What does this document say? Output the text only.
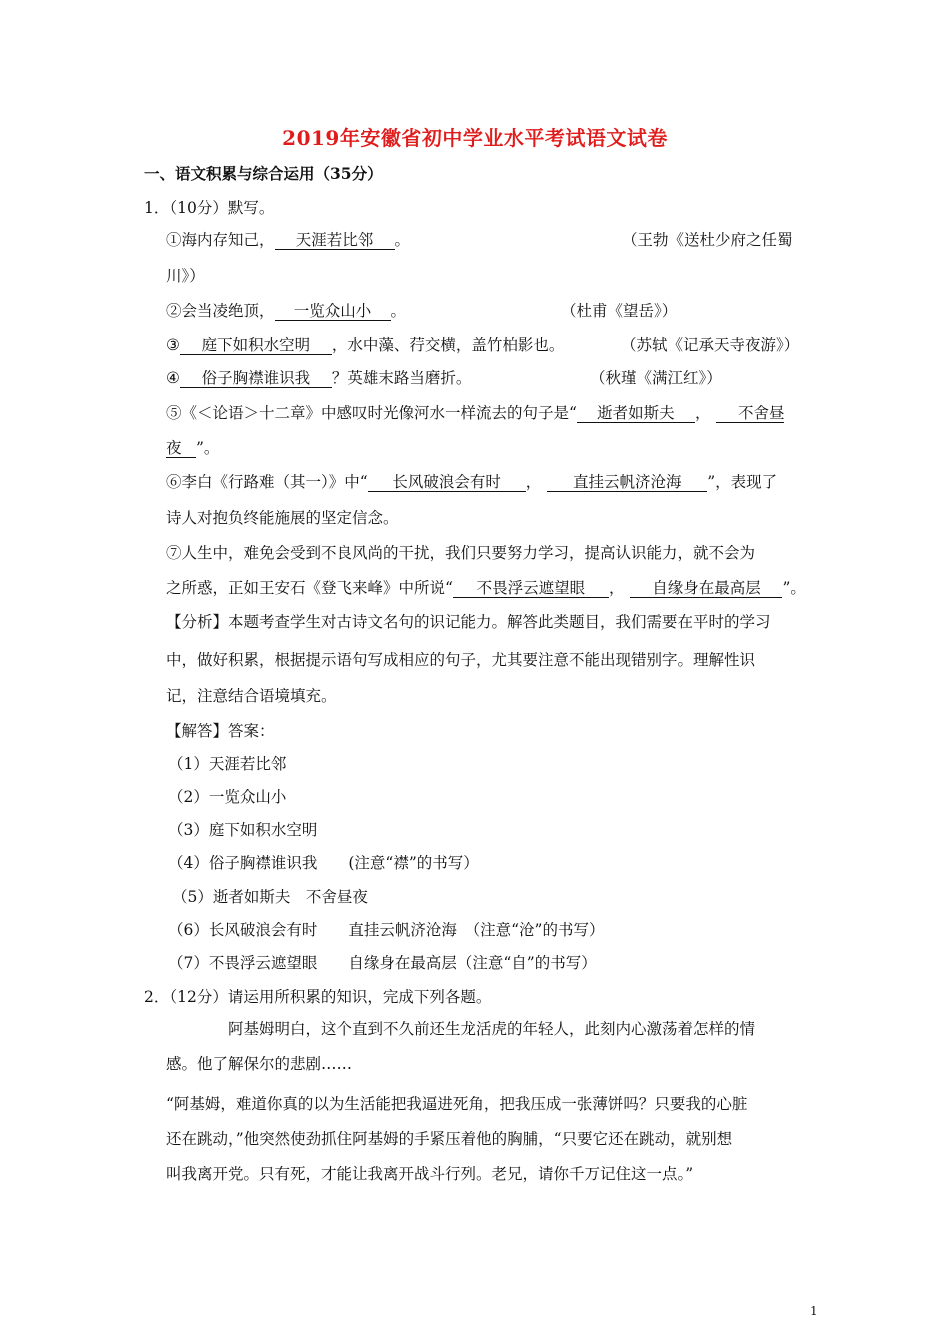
2019年安徽省初中学业水平考试语文试卷
一、语文积累与综合运用（35分）
1．（10分）默写。
①海内存知己， 天涯若比邻 。	（王勃《送杜少府之任蜀
川》）
②会当凌绝顶， 一览众山小 。	（杜甫《望岳》）
③ 庭下如积水空明 ，水中藻、荇交横，盖竹柏影也。	（苏轼《记承天寺夜游》）
④ 俗子胸襟谁识我 ？英雄末路当磨折。	（秋瑾《满江红》）
⑤《＜论语＞十二章》中感叹时光像河水一样流去的句子是“ 逝者如斯夫 ， 不舍昼
夜 ”。
⑥李白《行路难（其一）》中“ 长风破浪会有时 ， 直挂云帆济沧海 ”，表现了
诗人对抱负终能施展的坚定信念。
⑦人生中，难免会受到不良风尚的干扰，我们只要努力学习，提高认识能力，就不会为
之所惑，正如王安石《登飞来峰》中所说“ 不畏浮云遮望眼 ， 自缘身在最高层 ”。
【分析】本题考查学生对古诗文名句的识记能力。解答此类题目，我们需要在平时的学习
中，做好积累，根据提示语句写成相应的句子，尤其要注意不能出现错别字。理解性识
记，注意结合语境填充。
【解答】答案：
（1）天涯若比邻
（2）一览众山小
（3）庭下如积水空明
（4）俗子胸襟谁识我　　(注意“襟”的书写）
（5）逝者如斯夫　不舍昼夜
（6）长风破浪会有时　　直挂云帆济沧海　（注意“沧”的书写）
（7）不畏浮云遮望眼　　自缘身在最高层（注意“自”的书写）
2．（12分）请运用所积累的知识，完成下列各题。
阿基姆明白，这个直到不久前还生龙活虎的年轻人，此刻内心激荡着怎样的情
感。他了解保尔的悲剧……
“阿基姆，难道你真的以为生活能把我逼进死角，把我压成一张薄饼吗？只要我的心脏
还在跳动，”他突然使劲抓住阿基姆的手紧压着他的胸脯，“只要它还在跳动，就别想
叫我离开党。只有死，才能让我离开战斗行列。老兄，请你千万记住这一点。”
1
